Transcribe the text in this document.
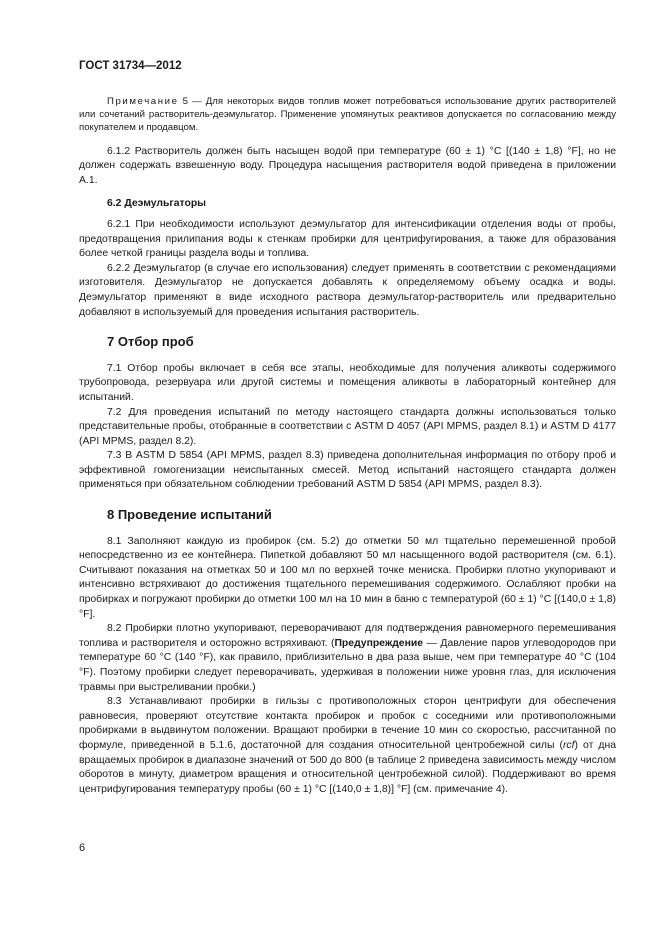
ГОСТ 31734—2012

Примечание 5 — Для некоторых видов топлив может потребоваться использование других растворителей или сочетаний растворитель-деэмульгатор. Применение упомянутых реактивов допускается по согласованию между покупателем и продавцом.

6.1.2 Растворитель должен быть насыщен водой при температуре (60 ± 1) °С [(140 ± 1,8) °F], но не должен содержать взвешенную воду. Процедура насыщения растворителя водой приведена в приложении А.1.

6.2 Деэмульгаторы

6.2.1 При необходимости используют деэмульгатор для интенсификации отделения воды от пробы, предотвращения прилипания воды к стенкам пробирки для центрифугирования, а также для образования более четкой границы раздела воды и топлива.

6.2.2 Деэмульгатор (в случае его использования) следует применять в соответствии с рекомендациями изготовителя. Деэмульгатор не допускается добавлять к определяемому объему осадка и воды. Деэмульгатор применяют в виде исходного раствора деэмульгатор-растворитель или предварительно добавляют в используемый для проведения испытания растворитель.

7 Отбор проб

7.1 Отбор пробы включает в себя все этапы, необходимые для получения аликвоты содержимого трубопровода, резервуара или другой системы и помещения аликвоты в лабораторный контейнер для испытаний.

7.2 Для проведения испытаний по методу настоящего стандарта должны использоваться только представительные пробы, отобранные в соответствии с ASTM D 4057 (API MPMS, раздел 8.1) и ASTM D 4177 (API MPMS, раздел 8.2).

7.3 В ASTM D 5854 (API MPMS, раздел 8.3) приведена дополнительная информация по отбору проб и эффективной гомогенизации неиспытанных смесей. Метод испытаний настоящего стандарта должен применяться при обязательном соблюдении требований ASTM D 5854 (API MPMS, раздел 8.3).

8 Проведение испытаний

8.1 Заполняют каждую из пробирок (см. 5.2) до отметки 50 мл тщательно перемешенной пробой непосредственно из ее контейнера. Пипеткой добавляют 50 мл насыщенного водой растворителя (см. 6.1). Считывают показания на отметках 50 и 100 мл по верхней точке мениска. Пробирки плотно укупоривают и интенсивно встряхивают до достижения тщательного перемешивания содержимого. Ослабляют пробки на пробирках и погружают пробирки до отметки 100 мл на 10 мин в баню с температурой (60 ± 1) °С [(140,0 ± 1,8) °F].

8.2 Пробирки плотно укупоривают, переворачивают для подтверждения равномерного перемешивания топлива и растворителя и осторожно встряхивают. (Предупреждение — Давление паров углеводородов при температуре 60 °С (140 °F), как правило, приблизительно в два раза выше, чем при температуре 40 °С (104 °F). Поэтому пробирки следует переворачивать, удерживая в положении ниже уровня глаз, для исключения травмы при выстреливании пробки.)

8.3 Устанавливают пробирки в гильзы с противоположных сторон центрифуги для обеспечения равновесия, проверяют отсутствие контакта пробирок и пробок с соседними или противоположными пробирками в выдвинутом положении. Вращают пробирки в течение 10 мин со скоростью, рассчитанной по формуле, приведенной в 5.1.6, достаточной для создания относительной центробежной силы (rcf) от дна вращаемых пробирок в диапазоне значений от 500 до 800 (в таблице 2 приведена зависимость между числом оборотов в минуту, диаметром вращения и относительной центробежной силой). Поддерживают во время центрифугирования температуру пробы (60 ± 1) °С [(140,0 ± 1,8)] °F] (см. примечание 4).

6
